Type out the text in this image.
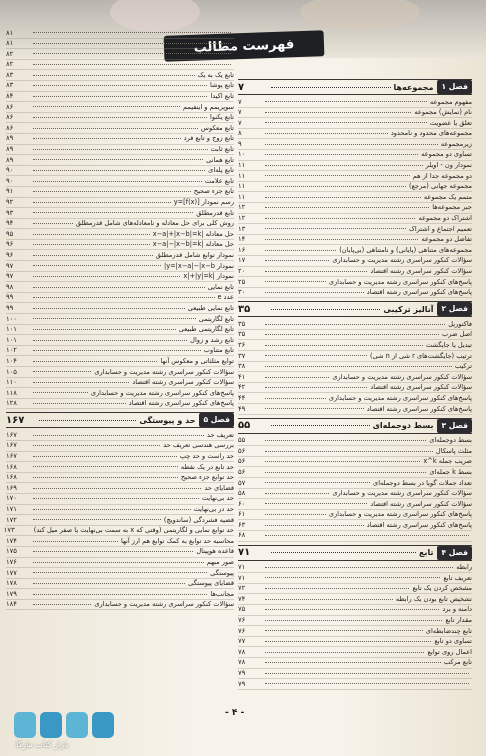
فهرست مطالب
۸۱
۸۱
۸۲
۸۲
تابع یک به یک
۸۳
تابع پوشا
۸۳
تابع اکیدا
۸۴
سوپریمم و اینفیمم
۸۶
تابع یکنوا
۸۶
تابع معکوس
۸۶
تابع زوج و تابع فرد
۸۹
تابع ثابت
۸۹
تابع همانی
۸۹
تابع پله‌ای
۹۰
تابع علامت
۹۰
تابع جزء صحیح
۹۱
رسم نمودار y=[f(x)]
۹۲
تابع قدرمطلق
۹۳
روش کلی برای حل معادله و نامعادله‌های شامل قدرمطلق
۹۴
حل معادله |x−a|+|x−b|=k
۹۵
حل معادله |x−a|−|x−b|=k
۹۶
نمودار توابع شامل قدرمطلق
۹۶
نمودار y=|x−a|−|x−b|
۹۷
نمودار |x|+|y|=k
۹۷
تابع نمایی
۹۸
عدد e
۹۹
تابع نمایی طبیعی
۹۹
تابع لگاریتمی
۱۰۰
تابع لگاریتمی طبیعی
۱۰۱
تابع رشد و زوال
۱۰۱
تابع متناوب
۱۰۲
توابع مثلثاتی و معکوس آنها
۱۰۴
سؤالات کنکور سراسری رشته مدیریت و حسابداری
۱۰۵
سؤالات کنکور سراسری رشته اقتصاد
۱۱۰
پاسخ‌های کنکور سراسری رشته مدیریت و حسابداری
۱۱۸
پاسخ‌های کنکور سراسری رشته اقتصاد
۱۲۸
فصل ۵
حد و پیوستگی
۱۶۷
تعریف حد
۱۶۷
بررسی هندسی تعریف حد
۱۶۷
حد راست و حد چپ
۱۶۷
حد تابع در یک نقطه
۱۶۸
حد توابع جزء صحیح
۱۶۸
قضایای حد
۱۶۹
حد بی‌نهایت
۱۷۰
حد در بی‌نهایت
۱۷۱
قضیه فشردگی (ساندویچ)
۱۷۲
حد توابع نمایی و لگاریتمی (وقتی که x به سمت بی‌نهایت یا صفر میل کند)
۱۷۳
محاسبه حد توابع به کمک توابع هم ارز آنها
۱۷۴
قاعده هوپیتال
۱۷۵
صور مبهم
۱۷۶
پیوستگی
۱۷۷
قضایای پیوستگی
۱۷۸
مجانب‌ها
۱۷۹
سؤالات کنکور سراسری رشته مدیریت و حسابداری
۱۸۴
فصل ۱
مجموعه‌ها
۷
مفهوم مجموعه
۷
نام (نمایش) مجموعه
۷
تعلق یا عضویت
۷
مجموعه‌های محدود و نامحدود
۸
زیرمجموعه
۹
تساوی دو مجموعه
۱۰
نمودار ون - اویلر
۱۱
دو مجموعه جدا از هم
۱۱
مجموعه جهانی (مرجع)
۱۱
متمم یک مجموعه
۱۱
جبر مجموعه‌ها
۱۲
اشتراک دو مجموعه
۱۲
تعمیم اجتماع و اشتراک
۱۳
تفاضل دو مجموعه
۱۴
مجموعه‌های متناهی (پایانی) و نامتناهی (بی‌پایان)
۱۶
سؤالات کنکور سراسری رشته مدیریت و حسابداری
۱۷
سؤالات کنکور سراسری رشته اقتصاد
۲۰
پاسخ‌های کنکور سراسری رشته مدیریت و حسابداری
۲۵
پاسخ‌های کنکور سراسری رشته اقتصاد
۳۰
فصل ۲
آنالیز ترکیبی
۳۵
فاکتوریل
۳۵
اصل ضرب
۳۵
تبدیل یا جایگشت
۳۶
ترتیب (جایگشت‌های r شی از n شی)
۳۷
ترکیب
۳۸
سؤالات کنکور سراسری رشته مدیریت و حسابداری
۴۱
سؤالات کنکور سراسری رشته اقتصاد
۴۲
پاسخ‌های کنکور سراسری رشته مدیریت و حسابداری
۴۴
پاسخ‌های کنکور سراسری رشته اقتصاد
۴۹
فصل ۳
بسط دوجمله‌ای
۵۵
بسط دوجمله‌ای
۵۵
مثلث پاسکال
۵۶
ضریب جمله x^k
۵۶
بسط k جمله‌ای
۵۶
تعداد جملات گویا در بسط دوجمله‌ای
۵۷
سؤالات کنکور سراسری رشته مدیریت و حسابداری
۵۸
سؤالات کنکور سراسری رشته اقتصاد
۶۰
پاسخ‌های کنکور سراسری رشته مدیریت و حسابداری
۶۱
پاسخ‌های کنکور سراسری رشته اقتصاد
۶۳
۶۸
فصل ۴
تابع
۷۱
رابطه
۷۱
تعریف تابع
۷۱
مشخص کردن یک تابع
۷۲
تشخیص تابع بودن یک رابطه
۷۴
دامنه و برد
۷۵
مقدار تابع
۷۶
تابع چندضابطه‌ای
۷۶
تساوی دو تابع
۷۷
اعمال روی توابع
۷۸
تابع مرکب
۷۸
۷۹
۷۹
- ۴ -
بازار کتاب مارکا
